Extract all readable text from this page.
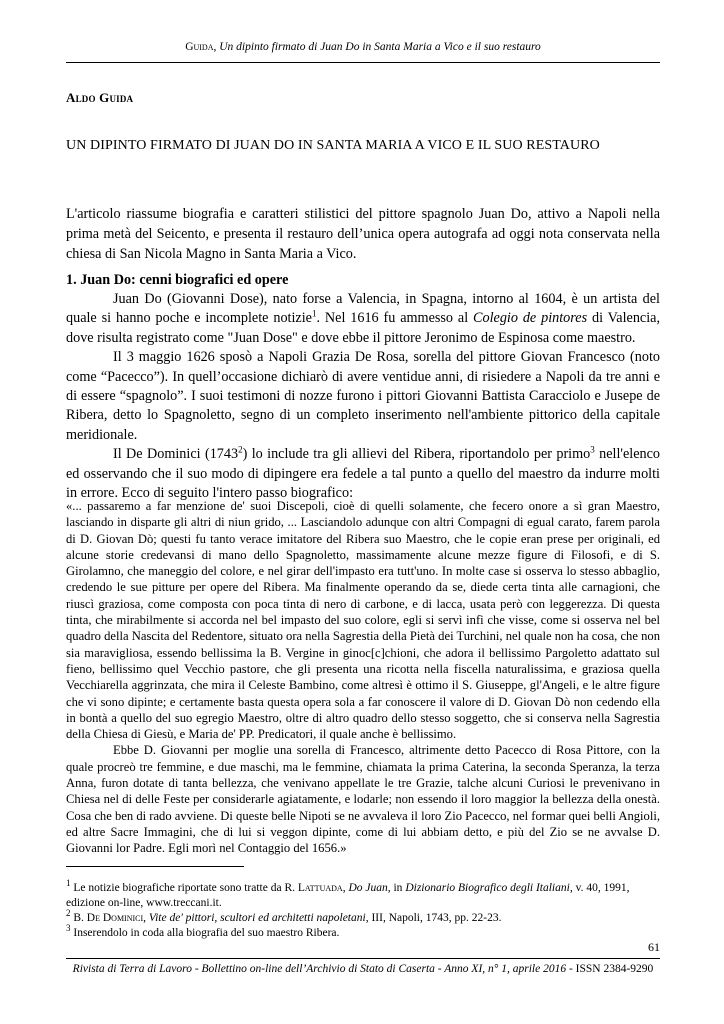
Guida, Un dipinto firmato di Juan Do in Santa Maria a Vico e il suo restauro
Aldo Guida
UN DIPINTO FIRMATO DI JUAN DO IN SANTA MARIA A VICO E IL SUO RESTAURO

L'articolo riassume biografia e caratteri stilistici del pittore spagnolo Juan Do, attivo a Napoli nella prima metà del Seicento, e presenta il restauro dell’unica opera autografa ad oggi nota conservata nella chiesa di San Nicola Magno in Santa Maria a Vico.

1. Juan Do: cenni biografici ed opere

Juan Do (Giovanni Dose), nato forse a Valencia, in Spagna, intorno al 1604, è un artista del quale si hanno poche e incomplete notizie$^1$. Nel 1616 fu ammesso al Colegio de pintores di Valencia, dove risulta registrato come "Juan Dose" e dove ebbe il pittore Jeronimo de Espinosa come maestro.

Il 3 maggio 1626 sposò a Napoli Grazia De Rosa, sorella del pittore Giovan Francesco (noto come “Pacecco”). In quell’occasione dichiarò di avere ventidue anni, di risiedere a Napoli da tre anni e di essere “spagnolo”. I suoi testimoni di nozze furono i pittori Giovanni Battista Caracciolo e Jusepe de Ribera, detto lo Spagnoletto, segno di un completo inserimento nell'ambiente pittorico della capitale meridionale.

Il De Dominici (1743$^2$) lo include tra gli allievi del Ribera, riportandolo per primo$^3$ nell'elenco ed osservando che il suo modo di dipingere era fedele a tal punto a quello del maestro da indurre molti in errore. Ecco di seguito l'intero passo biografico:

«... passaremo a far menzione de' suoi Discepoli, cioè di quelli solamente, che fecero onore a sì gran Maestro, lasciando in disparte gli altri di niun grido, ... Lasciandolo adunque con altri Compagni di egual carato, farem parola di D. Giovan Dò; questi fu tanto verace imitatore del Ribera suo Maestro, che le copie eran prese per originali, ed alcune storie credevansi di mano dello Spagnoletto, massimamente alcune mezze figure di Filosofi, e di S. Girolamno, che maneggio del colore, e nel girar dell'impasto era tutt'uno. In molte case si osserva lo stesso abbaglio, credendo le sue pitture per opere del Ribera. Ma finalmente operando da se, diede certa tinta alle carnagioni, che riuscì graziosa, come composta con poca tinta di nero di carbone, e di lacca, usata però con leggerezza. Di questa tinta, che mirabilmente si accorda nel bel impasto del suo colore, egli si servì infì che visse, come si osserva nel bel quadro della Nascita del Redentore, situato ora nella Sagrestia della Pietà dei Turchini, nel quale non ha cosa, che non sia maravigliosa, essendo bellissima la B. Vergine in ginoc[c]chioni, che adora il bellissimo Pargoletto adattato sul fieno, bellissimo quel Vecchio pastore, che gli presenta una ricotta nella fiscella naturalissima, e graziosa quella Vecchiarella aggrinzata, che mira il Celeste Bambino, come altresì è ottimo il S. Giuseppe, gl'Angeli, e le altre figure che vi sono dipinte; e certamente basta questa opera sola a far conoscere il valore di D. Giovan Dò non cedendo ella in bontà a quello del suo egregio Maestro, oltre di altro quadro dello stesso soggetto, che si conserva nella Sagrestia della Chiesa di Giesù, e Maria de' PP. Predicatori, il quale anche è bellissimo.

Ebbe D. Giovanni per moglie una sorella di Francesco, altrimente detto Pacecco di Rosa Pittore, con la quale procreò tre femmine, e due maschi, ma le femmine, chiamata la prima Caterina, la seconda Speranza, la terza Anna, furon dotate di tanta bellezza, che venivano appellate le tre Grazie, talche alcuni Curiosi le prevenivano in Chiesa nel di delle Feste per considerarle agiatamente, e lodarle; non essendo il loro maggior la bellezza della onestà. Cosa che ben di rado avviene. Di queste belle Nipoti se ne avvaleva il loro Zio Pacecco, nel formar quei belli Angioli, ed altre Sacre Immagini, che di lui si veggon dipinte, come di lui abbiam detto, e più del Zio se ne avvalse D. Giovanni lor Padre. Egli morì nel Contaggio del 1656.»

$^1$ Le notizie biografiche riportate sono tratte da R. Lattuada, Do Juan, in Dizionario Biografico degli Italiani, v. 40, 1991, edizione on-line, www.treccani.it.

$^2$ B. De Dominici, Vite de' pittori, scultori ed architetti napoletani, III, Napoli, 1743, pp. 22-23.

$^3$ Inserendolo in coda alla biografia del suo maestro Ribera.

61
Rivista di Terra di Lavoro - Bollettino on-line dell’Archivio di Stato di Caserta - Anno XI, n° 1, aprile 2016 - ISSN 2384-9290
